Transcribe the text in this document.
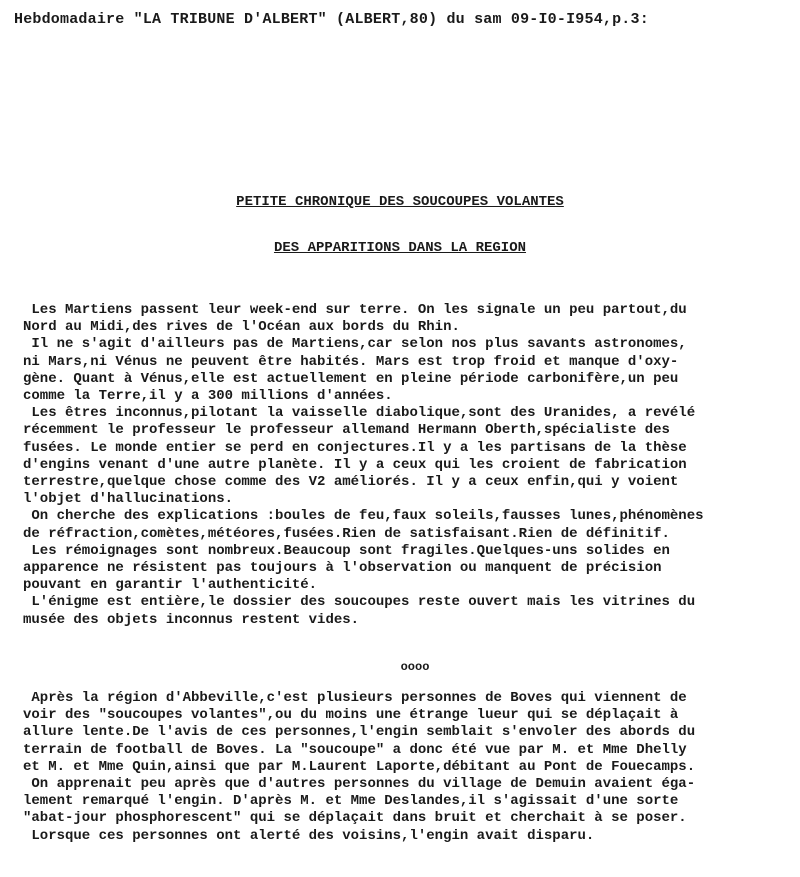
Hebdomadaire "LA TRIBUNE D'ALBERT" (ALBERT,80) du sam 09-I0-I954,p.3:
PETITE CHRONIQUE DES SOUCOUPES VOLANTES
DES APPARITIONS DANS LA REGION
Les Martiens passent leur week-end sur terre. On les signale un peu partout,du
Nord au Midi,des rives de l'Océan aux bords du Rhin.
Il ne s'agit d'ailleurs pas de Martiens,car selon nos plus savants astronomes,
ni Mars,ni Vénus ne peuvent être habités. Mars est trop froid et manque d'oxy-
gène. Quant à Vénus,elle est actuellement en pleine période carbonifère,un peu
comme la Terre,il y a 300 millions d'années.
Les êtres inconnus,pilotant la vaisselle diabolique,sont des Uranides, a revélé
récemment le professeur le professeur allemand Hermann Oberth,spécialiste des
fusées. Le monde entier se perd en conjectures.Il y a les partisans de la thèse
d'engins venant d'une autre planète. Il y a ceux qui les croient de fabrication
terrestre,quelque chose comme des V2 améliorés. Il y a ceux enfin,qui y voient
l'objet d'hallucinations.
On cherche des explications :boules de feu,faux soleils,fausses lunes,phénomènes
de réfraction,comètes,météores,fusées.Rien de satisfaisant.Rien de définitif.
Les rémoignages sont nombreux.Beaucoup sont fragiles.Quelques-uns solides en
apparence ne résistent pas toujours à l'observation ou manquent de précision
pouvant en garantir l'authenticité.
L'énigme est entière,le dossier des soucoupes reste ouvert mais les vitrines du
musée des objets inconnus restent vides.
oooo
Après la région d'Abbeville,c'est plusieurs personnes de Boves qui viennent de
voir des "soucoupes volantes",ou du moins une étrange lueur qui se déplaçait à
allure lente.De l'avis de ces personnes,l'engin semblait s'envoler des abords du
terrain de football de Boves. La "soucoupe" a donc été vue par M. et Mme Dhelly
et M. et Mme Quin,ainsi que par M.Laurent Laporte,débitant au Pont de Fouecamps.
On apprenait peu après que d'autres personnes du village de Demuin avaient éga-
lement remarqué l'engin. D'après M. et Mme Deslandes,il s'agissait d'une sorte
"abat-jour phosphorescent" qui se déplaçait dans bruit et cherchait à se poser.
Lorsque ces personnes ont alerté des voisins,l'engin avait disparu.
